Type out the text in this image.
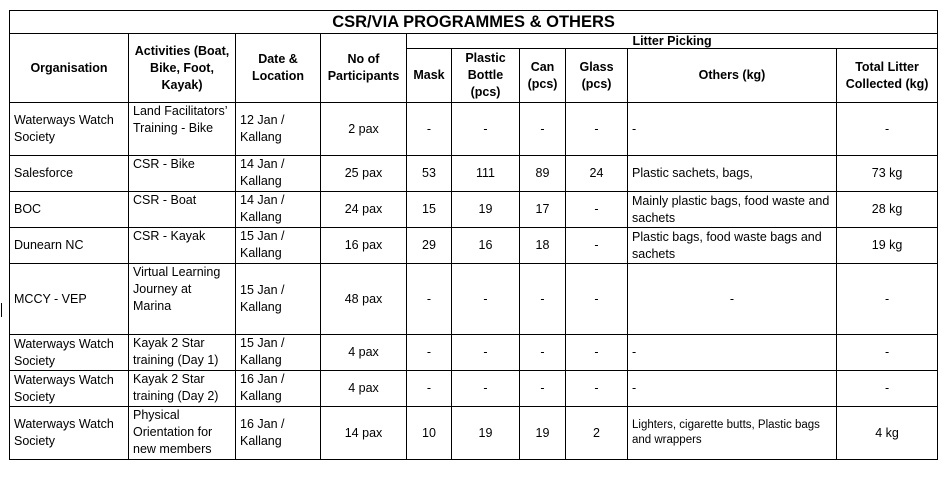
CSR/VIA PROGRAMMES & OTHERS									
Organisation	Activities (Boat, Bike, Foot, Kayak)	Date & Location	No of Participants	Litter Picking					
				Mask	Plastic Bottle (pcs)	Can (pcs)	Glass (pcs)	Others (kg)	Total Litter Collected (kg)
Waterways Watch Society	Land Facilitators’ Training - Bike	12 Jan / Kallang	2 pax	-	-	-	-	-	-
Salesforce	CSR - Bike	14 Jan / Kallang	25 pax	53	111	89	24	Plastic sachets, bags,	73 kg
BOC	CSR - Boat	14 Jan / Kallang	24 pax	15	19	17	-	Mainly plastic bags, food waste and sachets	28 kg
Dunearn NC	CSR - Kayak	15 Jan / Kallang	16 pax	29	16	18	-	Plastic bags, food waste bags and sachets	19 kg
MCCY - VEP	Virtual Learning Journey at Marina	15 Jan / Kallang	48 pax	-	-	-	-	-	-
Waterways Watch Society	Kayak 2 Star training (Day 1)	15 Jan / Kallang	4 pax	-	-	-	-	-	-
Waterways Watch Society	Kayak 2 Star training (Day 2)	16 Jan / Kallang	4 pax	-	-	-	-	-	-
Waterways Watch Society	Physical Orientation for new members	16 Jan / Kallang	14 pax	10	19	19	2	Lighters, cigarette butts, Plastic bags and wrappers	4 kg
